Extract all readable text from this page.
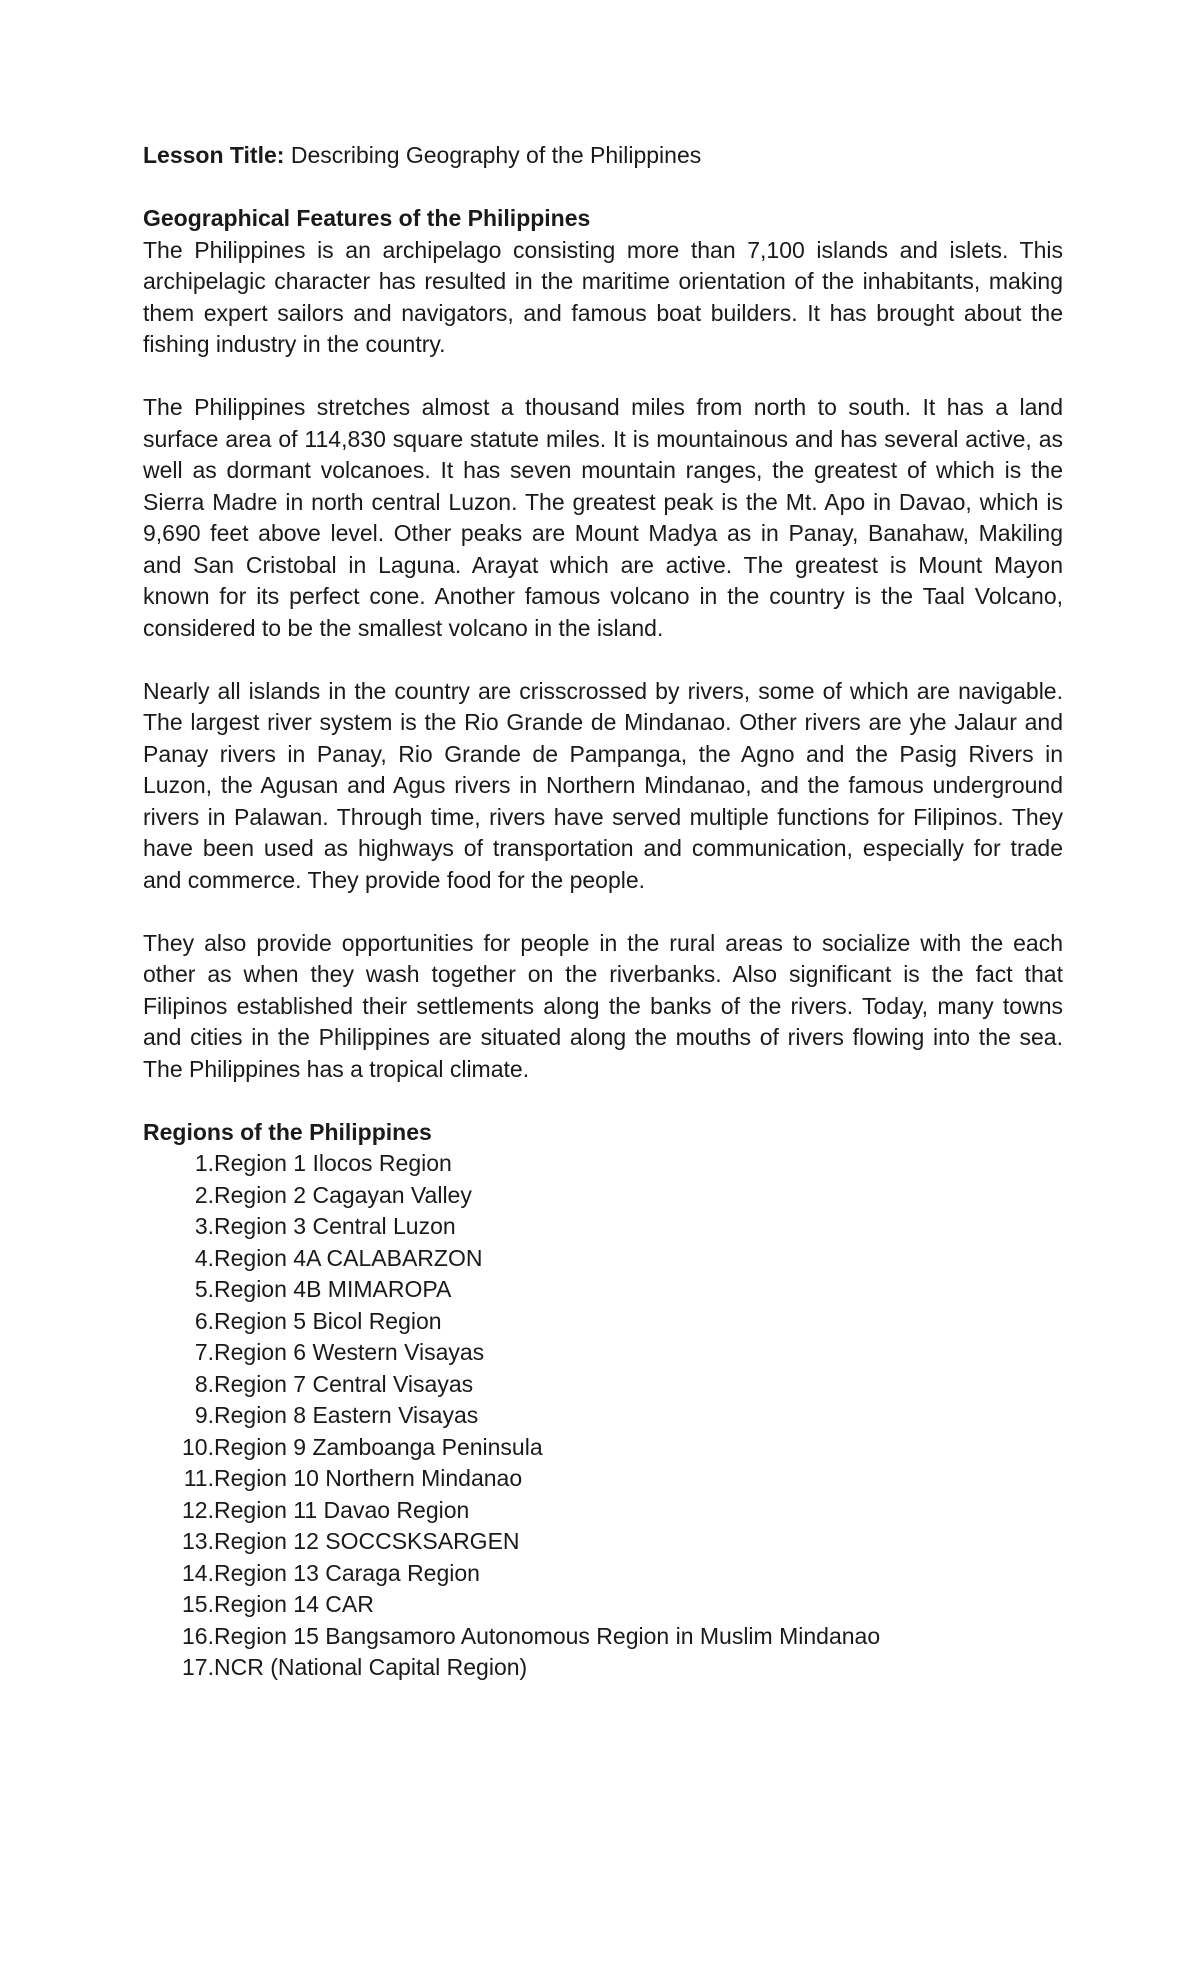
Lesson Title: Describing Geography of the Philippines

Geographical Features of the Philippines

The Philippines is an archipelago consisting more than 7,100 islands and islets. This archipelagic character has resulted in the maritime orientation of the inhabitants, making them expert sailors and navigators, and famous boat builders. It has brought about the fishing industry in the country.

The Philippines stretches almost a thousand miles from north to south. It has a land surface area of 114,830 square statute miles. It is mountainous and has several active, as well as dormant volcanoes. It has seven mountain ranges, the greatest of which is the Sierra Madre in north central Luzon. The greatest peak is the Mt. Apo in Davao, which is 9,690 feet above level. Other peaks are Mount Madya as in Panay, Banahaw, Makiling and San Cristobal in Laguna. Arayat which are active. The greatest is Mount Mayon known for its perfect cone. Another famous volcano in the country is the Taal Volcano, considered to be the smallest volcano in the island.

Nearly all islands in the country are crisscrossed by rivers, some of which are navigable. The largest river system is the Rio Grande de Mindanao. Other rivers are yhe Jalaur and Panay rivers in Panay, Rio Grande de Pampanga, the Agno and the Pasig Rivers in Luzon, the Agusan and Agus rivers in Northern Mindanao, and the famous underground rivers in Palawan. Through time, rivers have served multiple functions for Filipinos. They have been used as highways of transportation and communication, especially for trade and commerce. They provide food for the people.

They also provide opportunities for people in the rural areas to socialize with the each other as when they wash together on the riverbanks. Also significant is the fact that Filipinos established their settlements along the banks of the rivers. Today, many towns and cities in the Philippines are situated along the mouths of rivers flowing into the sea. The Philippines has a tropical climate.

Regions of the Philippines

1. Region 1 Ilocos Region
2. Region 2 Cagayan Valley
3. Region 3 Central Luzon
4. Region 4A CALABARZON
5. Region 4B MIMAROPA
6. Region 5 Bicol Region
7. Region 6 Western Visayas
8. Region 7 Central Visayas
9. Region 8 Eastern Visayas
10. Region 9 Zamboanga Peninsula
11. Region 10 Northern Mindanao
12. Region 11 Davao Region
13. Region 12 SOCCSKSARGEN
14. Region 13 Caraga Region
15. Region 14 CAR
16. Region 15 Bangsamoro Autonomous Region in Muslim Mindanao
17. NCR (National Capital Region)
